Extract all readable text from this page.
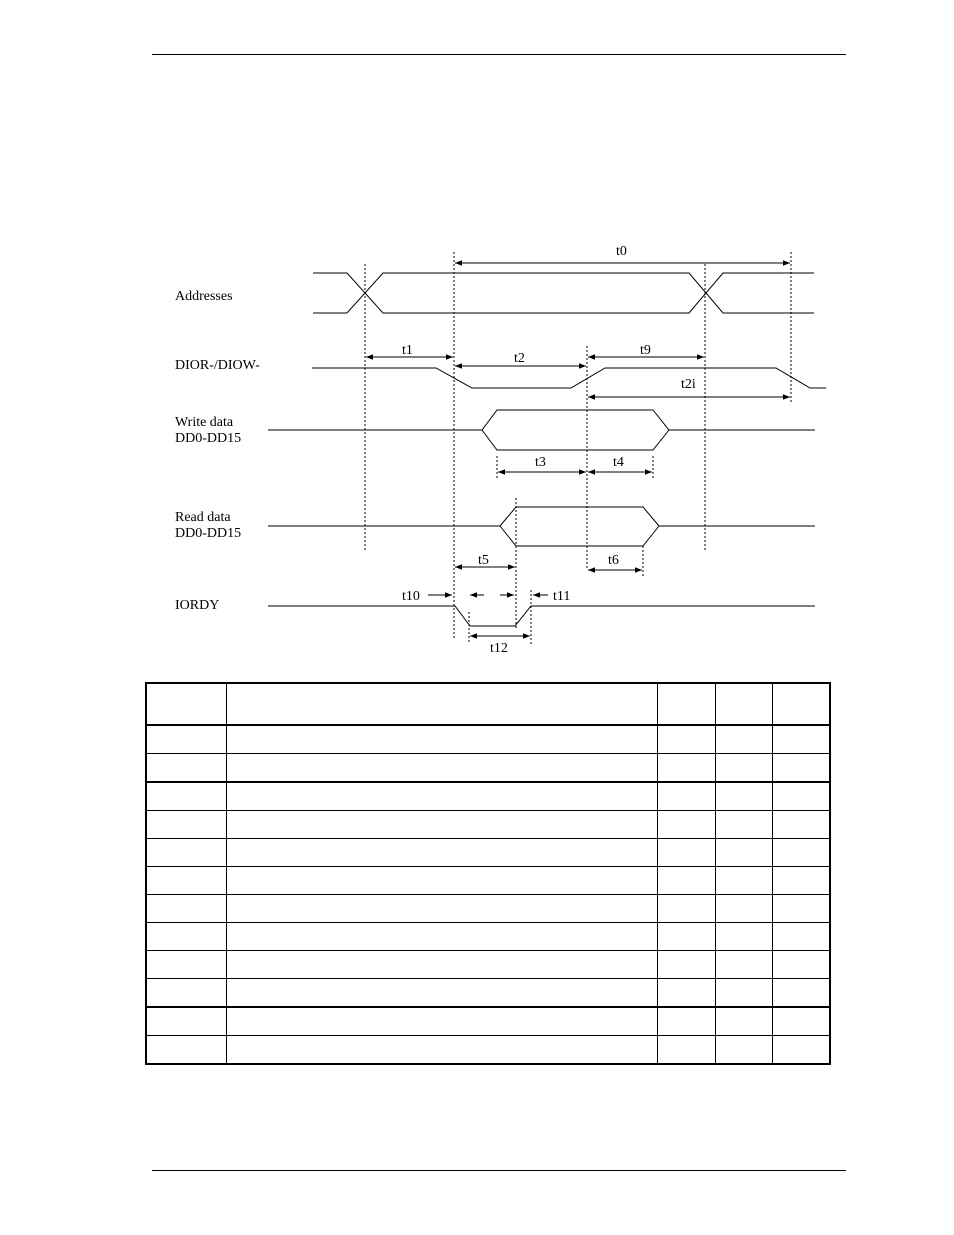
Addresses
DIOR-/DIOW-
Write data
DD0-DD15
Read data
DD0-DD15
IORDY
t0
t1
t2
t9
t2i
t3	t4
t5	t6
t10	t11
t12
